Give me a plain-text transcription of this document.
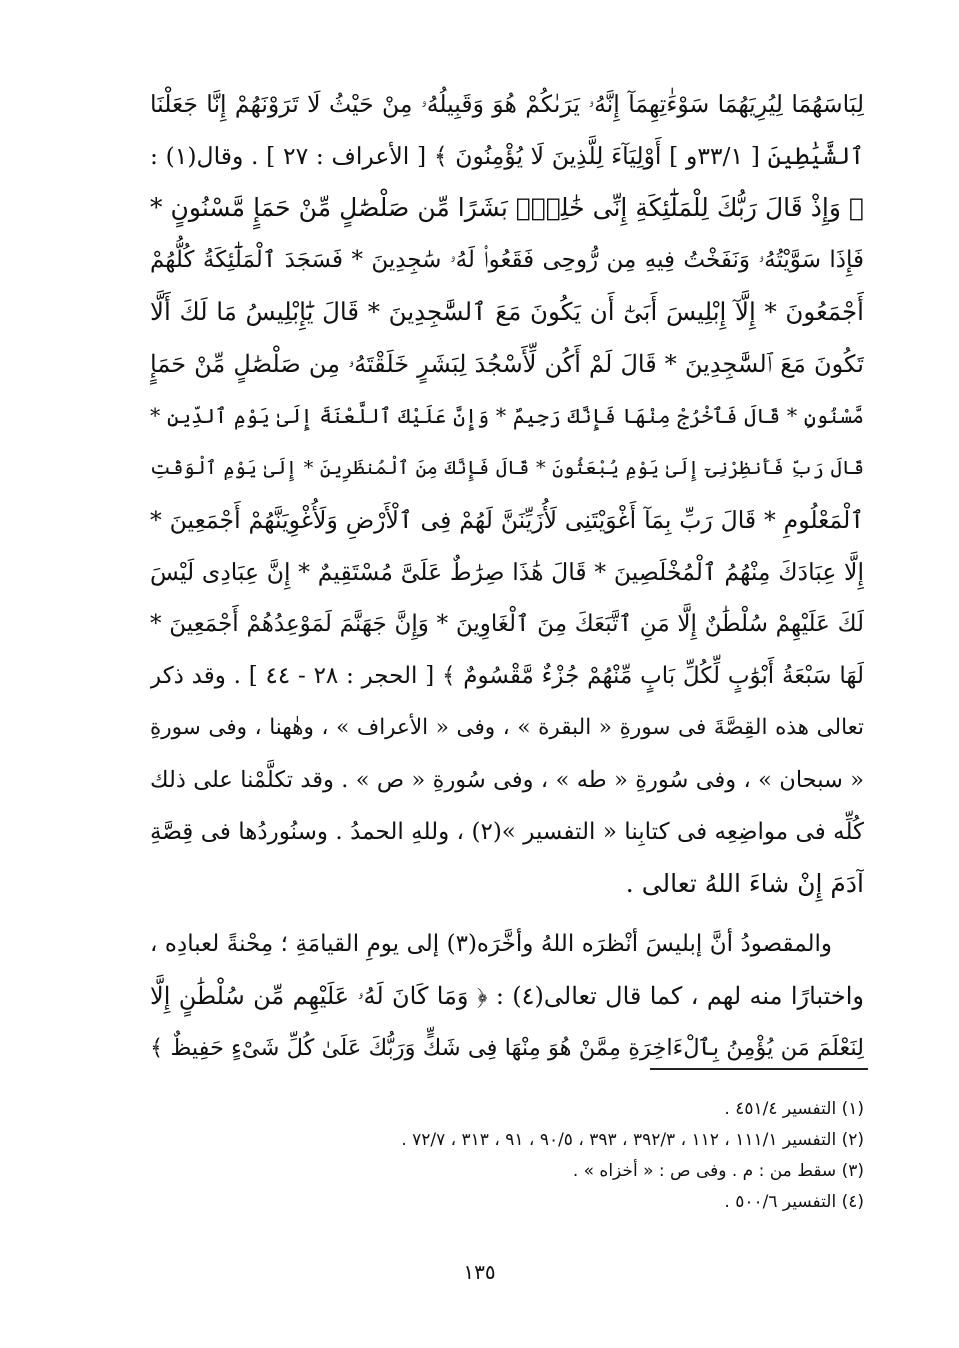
لِبَاسَهُمَا لِيُرِيَهُمَا سَوْءَٰتِهِمَآ إِنَّهُۥ يَرَىٰكُمْ هُوَ وَقَبِيلُهُۥ مِنْ حَيْثُ لَا تَرَوْنَهُمْ إِنَّا جَعَلْنَا
ٱلشَّيَٰطِينَ [ ٣٣/١و ] أَوْلِيَآءَ لِلَّذِينَ لَا يُؤْمِنُونَ ﴾ [ الأعراف : ٢٧ ] . وقال(١) :
﴿ وَإِذْ قَالَ رَبُّكَ لِلْمَلَٰٓئِكَةِ إِنِّى خَٰلِقٌۢ بَشَرًا مِّن صَلْصَٰلٍ مِّنْ حَمَإٍ مَّسْنُونٍ *
فَإِذَا سَوَّيْتُهُۥ وَنَفَخْتُ فِيهِ مِن رُّوحِى فَقَعُوا۟ لَهُۥ سَٰجِدِينَ * فَسَجَدَ ٱلْمَلَٰٓئِكَةُ كُلُّهُمْ
أَجْمَعُونَ * إِلَّآ إِبْلِيسَ أَبَىٰٓ أَن يَكُونَ مَعَ ٱلسَّٰجِدِينَ * قَالَ يَٰٓإِبْلِيسُ مَا لَكَ أَلَّا
تَكُونَ مَعَ ٱلسَّٰجِدِينَ * قَالَ لَمْ أَكُن لِّأَسْجُدَ لِبَشَرٍ خَلَقْتَهُۥ مِن صَلْصَٰلٍ مِّنْ حَمَإٍ
مَّسْنُونٍ * قَالَ فَٱخْرُجْ مِنْهَا فَإِنَّكَ رَجِيمٌ * وَإِنَّ عَلَيْكَ ٱللَّعْنَةَ إِلَىٰ يَوْمِ ٱلدِّينِ *
قَالَ رَبِّ فَأَنظِرْنِىٓ إِلَىٰ يَوْمِ يُبْعَثُونَ * قَالَ فَإِنَّكَ مِنَ ٱلْمُنظَرِينَ * إِلَىٰ يَوْمِ ٱلْوَقْتِ
ٱلْمَعْلُومِ * قَالَ رَبِّ بِمَآ أَغْوَيْتَنِى لَأُزَيِّنَنَّ لَهُمْ فِى ٱلْأَرْضِ وَلَأُغْوِيَنَّهُمْ أَجْمَعِينَ *
إِلَّا عِبَادَكَ مِنْهُمُ ٱلْمُخْلَصِينَ * قَالَ هَٰذَا صِرَٰطٌ عَلَىَّ مُسْتَقِيمٌ * إِنَّ عِبَادِى لَيْسَ
لَكَ عَلَيْهِمْ سُلْطَٰنٌ إِلَّا مَنِ ٱتَّبَعَكَ مِنَ ٱلْغَاوِينَ * وَإِنَّ جَهَنَّمَ لَمَوْعِدُهُمْ أَجْمَعِينَ *
لَهَا سَبْعَةُ أَبْوَٰبٍ لِّكُلِّ بَابٍ مِّنْهُمْ جُزْءٌ مَّقْسُومٌ ﴾ [ الحجر : ٢٨ - ٤٤ ] . وقد ذكر
تعالى هذه القِصَّةَ فى سورةِ « البقرة » ، وفى « الأعراف » ، وهٰهنا ، وفى سورةِ
« سبحان » ، وفى سُورةِ « طه » ، وفى سُورةِ « ص » . وقد تكلَّمْنا على ذلك
كُلِّه فى مواضِعِه فى كتابِنا « التفسير »(٢) ، وللهِ الحمدُ . وسنُوردُها فى قِصَّةِ
آدَمَ إِنْ شاءَ اللهُ تعالى .
والمقصودُ أنَّ إبليسَ أنْظرَه اللهُ وأخَّرَه(٣) إلى يومِ القيامَةِ ؛ مِحْنةً لعبادِه ،
واختبارًا منه لهم ، كما قال تعالى(٤) : ﴿ وَمَا كَانَ لَهُۥ عَلَيْهِم مِّن سُلْطَٰنٍ إِلَّا
لِنَعْلَمَ مَن يُؤْمِنُ بِٱلْءَاخِرَةِ مِمَّنْ هُوَ مِنْهَا فِى شَكٍّ وَرَبُّكَ عَلَىٰ كُلِّ شَىْءٍ حَفِيظٌ ﴾
(١) التفسير ٤٥١/٤ .
(٢) التفسير ١١١/١ ، ١١٢ ، ٣٩٢/٣ ، ٣٩٣ ، ٩٠/٥ ، ٩١ ، ٣١٣ ، ٧٢/٧ .
(٣) سقط من : م . وفى ص : « أخزاه » .
(٤) التفسير ٥٠٠/٦ .
١٣٥
